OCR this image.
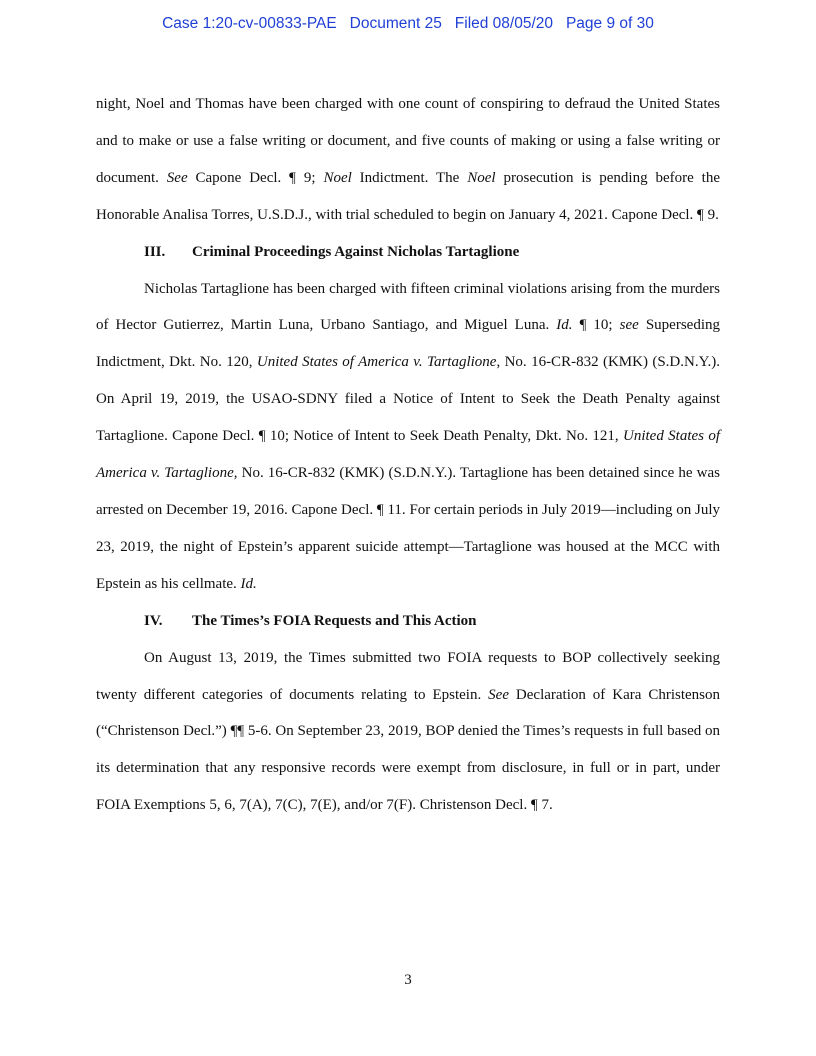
Case 1:20-cv-00833-PAE Document 25 Filed 08/05/20 Page 9 of 30

night, Noel and Thomas have been charged with one count of conspiring to defraud the United States and to make or use a false writing or document, and five counts of making or using a false writing or document. See Capone Decl. ¶ 9; Noel Indictment. The Noel prosecution is pending before the Honorable Analisa Torres, U.S.D.J., with trial scheduled to begin on January 4, 2021. Capone Decl. ¶ 9.

III. Criminal Proceedings Against Nicholas Tartaglione

Nicholas Tartaglione has been charged with fifteen criminal violations arising from the murders of Hector Gutierrez, Martin Luna, Urbano Santiago, and Miguel Luna. Id. ¶ 10; see Superseding Indictment, Dkt. No. 120, United States of America v. Tartaglione, No. 16-CR-832 (KMK) (S.D.N.Y.). On April 19, 2019, the USAO-SDNY filed a Notice of Intent to Seek the Death Penalty against Tartaglione. Capone Decl. ¶ 10; Notice of Intent to Seek Death Penalty, Dkt. No. 121, United States of America v. Tartaglione, No. 16-CR-832 (KMK) (S.D.N.Y.). Tartaglione has been detained since he was arrested on December 19, 2016. Capone Decl. ¶ 11. For certain periods in July 2019—including on July 23, 2019, the night of Epstein’s apparent suicide attempt—Tartaglione was housed at the MCC with Epstein as his cellmate. Id.

IV. The Times’s FOIA Requests and This Action

On August 13, 2019, the Times submitted two FOIA requests to BOP collectively seeking twenty different categories of documents relating to Epstein. See Declaration of Kara Christenson (“Christenson Decl.”) ¶¶ 5-6. On September 23, 2019, BOP denied the Times’s requests in full based on its determination that any responsive records were exempt from disclosure, in full or in part, under FOIA Exemptions 5, 6, 7(A), 7(C), 7(E), and/or 7(F). Christenson Decl. ¶ 7.

3
